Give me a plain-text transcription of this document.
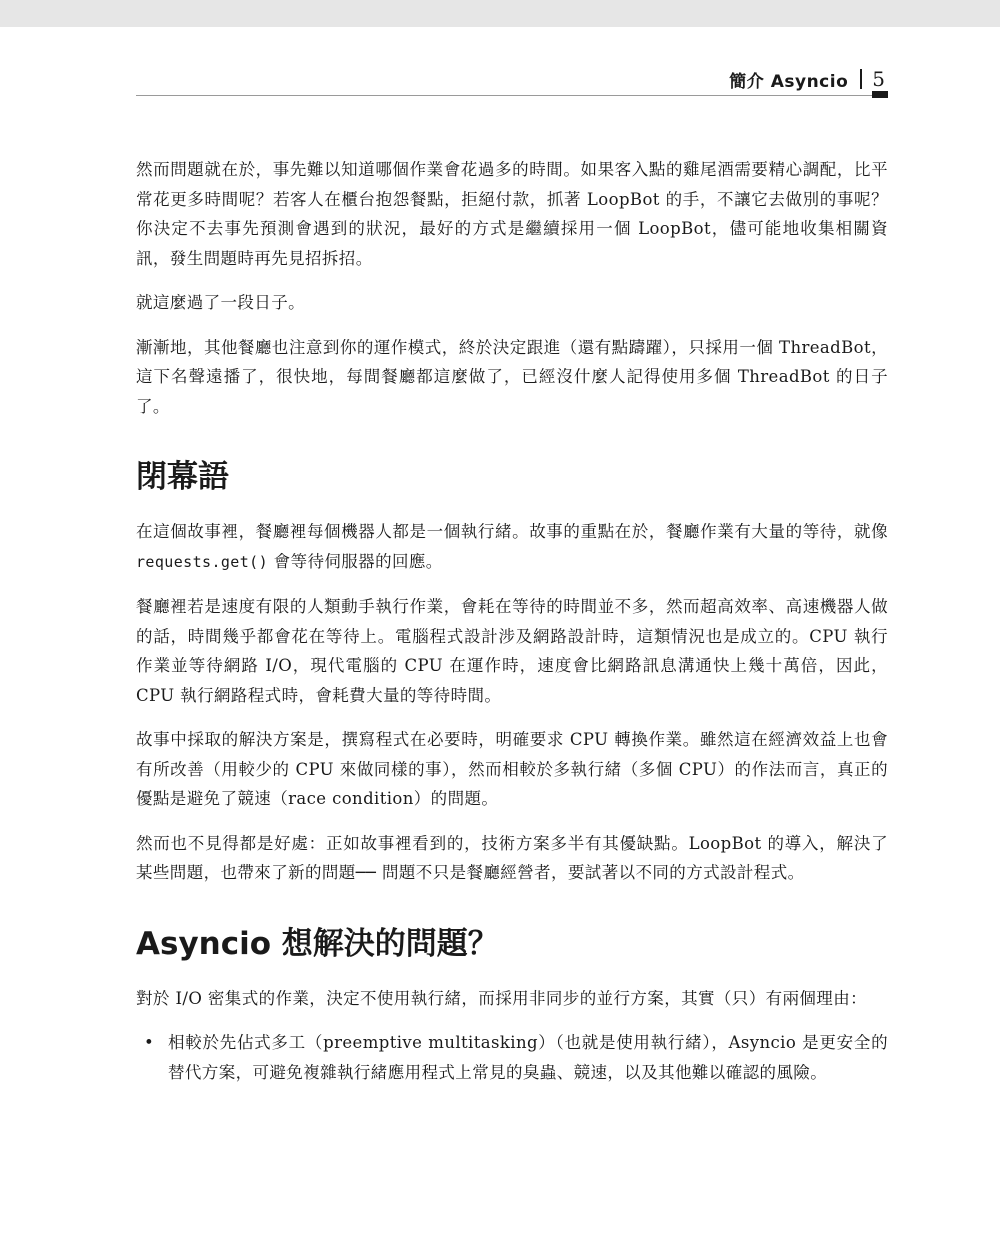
簡介 Asyncio 5

然而問題就在於，事先難以知道哪個作業會花過多的時間。如果客入點的雞尾酒需要精心調配，比平常花更多時間呢？若客人在櫃台抱怨餐點，拒絕付款，抓著 LoopBot 的手，不讓它去做別的事呢？你決定不去事先預測會遇到的狀況，最好的方式是繼續採用一個 LoopBot，儘可能地收集相關資訊，發生問題時再先見招拆招。

就這麼過了一段日子。

漸漸地，其他餐廳也注意到你的運作模式，終於決定跟進（還有點躊躍），只採用一個 ThreadBot，這下名聲遠播了，很快地，每間餐廳都這麼做了，已經沒什麼人記得使用多個 ThreadBot 的日子了。

閉幕語

在這個故事裡，餐廳裡每個機器人都是一個執行緒。故事的重點在於，餐廳作業有大量的等待，就像 requests.get() 會等待伺服器的回應。

餐廳裡若是速度有限的人類動手執行作業，會耗在等待的時間並不多，然而超高效率、高速機器人做的話，時間幾乎都會花在等待上。電腦程式設計涉及網路設計時，這類情況也是成立的。CPU 執行作業並等待網路 I/O，現代電腦的 CPU 在運作時，速度會比網路訊息溝通快上幾十萬倍，因此，CPU 執行網路程式時，會耗費大量的等待時間。

故事中採取的解決方案是，撰寫程式在必要時，明確要求 CPU 轉換作業。雖然這在經濟效益上也會有所改善（用較少的 CPU 來做同樣的事），然而相較於多執行緒（多個 CPU）的作法而言，真正的優點是避免了競速（race condition）的問題。

然而也不見得都是好處：正如故事裡看到的，技術方案多半有其優缺點。LoopBot 的導入，解決了某些問題，也帶來了新的問題── 問題不只是餐廳經營者，要試著以不同的方式設計程式。

Asyncio 想解決的問題？

對於 I/O 密集式的作業，決定不使用執行緒，而採用非同步的並行方案，其實（只）有兩個理由：

• 相較於先佔式多工（preemptive multitasking）（也就是使用執行緒），Asyncio 是更安全的替代方案，可避免複雜執行緒應用程式上常見的臭蟲、競速，以及其他難以確認的風險。
